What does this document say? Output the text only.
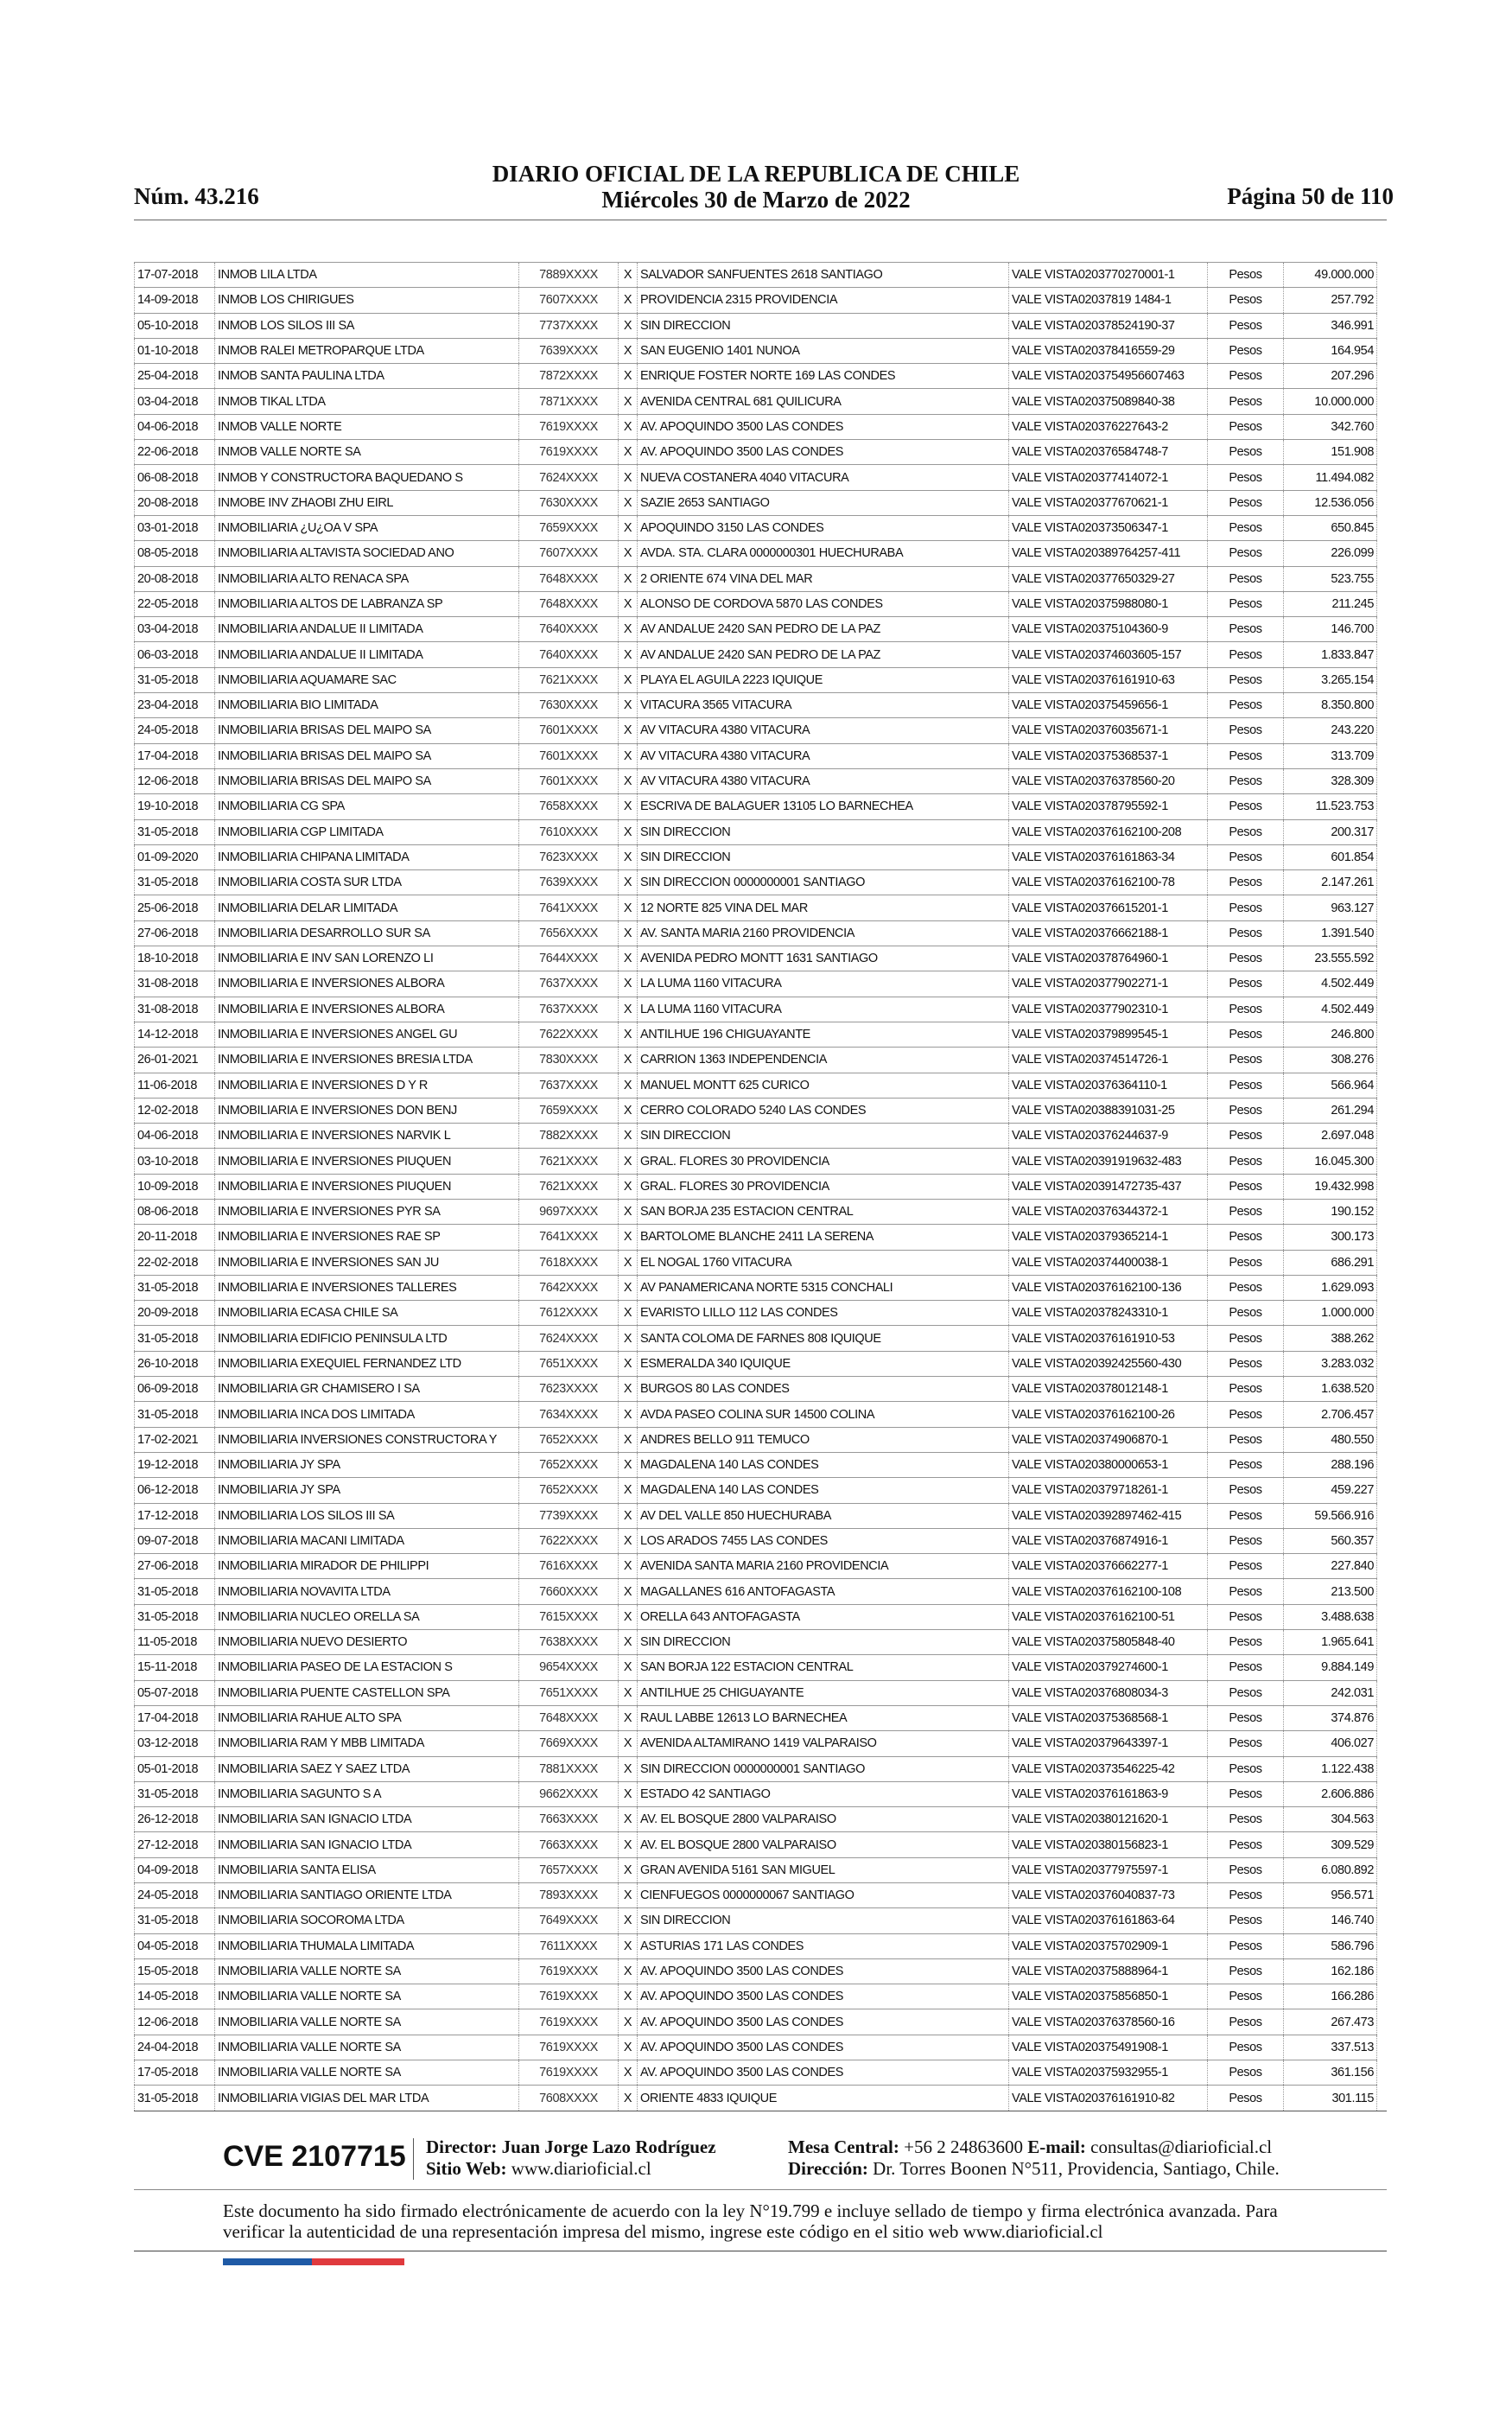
Núm. 43.216
DIARIO OFICIAL DE LA REPUBLICA DE CHILE
Miércoles 30 de Marzo de 2022	Página 50 de 110
17-07-2018	INMOB LILA LTDA	7889XXXX	X	SALVADOR SANFUENTES 2618 SANTIAGO	VALE VISTA0203770270001-1	Pesos	49.000.000
14-09-2018	INMOB LOS CHIRIGUES	7607XXXX	X	PROVIDENCIA 2315 PROVIDENCIA	VALE VISTA02037819 1484-1	Pesos	257.792
05-10-2018	INMOB LOS SILOS III SA	7737XXXX	X	SIN DIRECCION	VALE VISTA020378524190-37	Pesos	346.991
01-10-2018	INMOB RALEI METROPARQUE LTDA	7639XXXX	X	SAN EUGENIO 1401 NUNOA	VALE VISTA020378416559-29	Pesos	164.954
25-04-2018	INMOB SANTA PAULINA LTDA	7872XXXX	X	ENRIQUE FOSTER NORTE 169 LAS CONDES	VALE VISTA0203754956607463	Pesos	207.296
03-04-2018	INMOB TIKAL LTDA	7871XXXX	X	AVENIDA CENTRAL 681 QUILICURA	VALE VISTA020375089840-38	Pesos	10.000.000
04-06-2018	INMOB VALLE NORTE	7619XXXX	X	AV. APOQUINDO 3500 LAS CONDES	VALE VISTA020376227643-2	Pesos	342.760
22-06-2018	INMOB VALLE NORTE SA	7619XXXX	X	AV. APOQUINDO 3500 LAS CONDES	VALE VISTA020376584748-7	Pesos	151.908
06-08-2018	INMOB Y CONSTRUCTORA BAQUEDANO S	7624XXXX	X	NUEVA COSTANERA 4040 VITACURA	VALE VISTA020377414072-1	Pesos	11.494.082
20-08-2018	INMOBE INV ZHAOBI ZHU EIRL	7630XXXX	X	SAZIE 2653 SANTIAGO	VALE VISTA020377670621-1	Pesos	12.536.056
03-01-2018	INMOBILIARIA ¿U¿OA V SPA	7659XXXX	X	APOQUINDO 3150 LAS CONDES	VALE VISTA020373506347-1	Pesos	650.845
08-05-2018	INMOBILIARIA ALTAVISTA SOCIEDAD ANO	7607XXXX	X	AVDA. STA. CLARA 0000000301 HUECHURABA	VALE VISTA020389764257-411	Pesos	226.099
20-08-2018	INMOBILIARIA ALTO RENACA SPA	7648XXXX	X	2 ORIENTE 674 VINA DEL MAR	VALE VISTA020377650329-27	Pesos	523.755
22-05-2018	INMOBILIARIA ALTOS DE LABRANZA SP	7648XXXX	X	ALONSO DE CORDOVA 5870 LAS CONDES	VALE VISTA020375988080-1	Pesos	211.245
03-04-2018	INMOBILIARIA ANDALUE II LIMITADA	7640XXXX	X	AV ANDALUE 2420 SAN PEDRO DE LA PAZ	VALE VISTA020375104360-9	Pesos	146.700
06-03-2018	INMOBILIARIA ANDALUE II LIMITADA	7640XXXX	X	AV ANDALUE 2420 SAN PEDRO DE LA PAZ	VALE VISTA020374603605-157	Pesos	1.833.847
31-05-2018	INMOBILIARIA AQUAMARE SAC	7621XXXX	X	PLAYA EL AGUILA 2223 IQUIQUE	VALE VISTA020376161910-63	Pesos	3.265.154
23-04-2018	INMOBILIARIA BIO LIMITADA	7630XXXX	X	VITACURA 3565 VITACURA	VALE VISTA020375459656-1	Pesos	8.350.800
24-05-2018	INMOBILIARIA BRISAS DEL MAIPO SA	7601XXXX	X	AV VITACURA 4380 VITACURA	VALE VISTA020376035671-1	Pesos	243.220
17-04-2018	INMOBILIARIA BRISAS DEL MAIPO SA	7601XXXX	X	AV VITACURA 4380 VITACURA	VALE VISTA020375368537-1	Pesos	313.709
12-06-2018	INMOBILIARIA BRISAS DEL MAIPO SA	7601XXXX	X	AV VITACURA 4380 VITACURA	VALE VISTA020376378560-20	Pesos	328.309
19-10-2018	INMOBILIARIA CG SPA	7658XXXX	X	ESCRIVA DE BALAGUER 13105 LO BARNECHEA	VALE VISTA020378795592-1	Pesos	11.523.753
31-05-2018	INMOBILIARIA CGP LIMITADA	7610XXXX	X	SIN DIRECCION	VALE VISTA020376162100-208	Pesos	200.317
01-09-2020	INMOBILIARIA CHIPANA LIMITADA	7623XXXX	X	SIN DIRECCION	VALE VISTA020376161863-34	Pesos	601.854
31-05-2018	INMOBILIARIA COSTA SUR LTDA	7639XXXX	X	SIN DIRECCION 0000000001 SANTIAGO	VALE VISTA020376162100-78	Pesos	2.147.261
25-06-2018	INMOBILIARIA DELAR LIMITADA	7641XXXX	X	12 NORTE 825 VINA DEL MAR	VALE VISTA020376615201-1	Pesos	963.127
27-06-2018	INMOBILIARIA DESARROLLO SUR SA	7656XXXX	X	AV. SANTA MARIA 2160 PROVIDENCIA	VALE VISTA020376662188-1	Pesos	1.391.540
18-10-2018	INMOBILIARIA E INV SAN LORENZO LI	7644XXXX	X	AVENIDA PEDRO MONTT 1631 SANTIAGO	VALE VISTA020378764960-1	Pesos	23.555.592
31-08-2018	INMOBILIARIA E INVERSIONES ALBORA	7637XXXX	X	LA LUMA 1160 VITACURA	VALE VISTA020377902271-1	Pesos	4.502.449
31-08-2018	INMOBILIARIA E INVERSIONES ALBORA	7637XXXX	X	LA LUMA 1160 VITACURA	VALE VISTA020377902310-1	Pesos	4.502.449
14-12-2018	INMOBILIARIA E INVERSIONES ANGEL GU	7622XXXX	X	ANTILHUE 196 CHIGUAYANTE	VALE VISTA020379899545-1	Pesos	246.800
26-01-2021	INMOBILIARIA E INVERSIONES BRESIA LTDA	7830XXXX	X	CARRION 1363 INDEPENDENCIA	VALE VISTA020374514726-1	Pesos	308.276
11-06-2018	INMOBILIARIA E INVERSIONES D Y R	7637XXXX	X	MANUEL MONTT 625 CURICO	VALE VISTA020376364110-1	Pesos	566.964
12-02-2018	INMOBILIARIA E INVERSIONES DON BENJ	7659XXXX	X	CERRO COLORADO 5240 LAS CONDES	VALE VISTA020388391031-25	Pesos	261.294
04-06-2018	INMOBILIARIA E INVERSIONES NARVIK L	7882XXXX	X	SIN DIRECCION	VALE VISTA020376244637-9	Pesos	2.697.048
03-10-2018	INMOBILIARIA E INVERSIONES PIUQUEN	7621XXXX	X	GRAL. FLORES 30 PROVIDENCIA	VALE VISTA020391919632-483	Pesos	16.045.300
10-09-2018	INMOBILIARIA E INVERSIONES PIUQUEN	7621XXXX	X	GRAL. FLORES 30 PROVIDENCIA	VALE VISTA020391472735-437	Pesos	19.432.998
08-06-2018	INMOBILIARIA E INVERSIONES PYR SA	9697XXXX	X	SAN BORJA 235 ESTACION CENTRAL	VALE VISTA020376344372-1	Pesos	190.152
20-11-2018	INMOBILIARIA E INVERSIONES RAE SP	7641XXXX	X	BARTOLOME BLANCHE 2411 LA SERENA	VALE VISTA020379365214-1	Pesos	300.173
22-02-2018	INMOBILIARIA E INVERSIONES SAN JU	7618XXXX	X	EL NOGAL 1760 VITACURA	VALE VISTA020374400038-1	Pesos	686.291
31-05-2018	INMOBILIARIA E INVERSIONES TALLERES	7642XXXX	X	AV PANAMERICANA NORTE 5315 CONCHALI	VALE VISTA020376162100-136	Pesos	1.629.093
20-09-2018	INMOBILIARIA ECASA CHILE SA	7612XXXX	X	EVARISTO LILLO 112 LAS CONDES	VALE VISTA020378243310-1	Pesos	1.000.000
31-05-2018	INMOBILIARIA EDIFICIO PENINSULA LTD	7624XXXX	X	SANTA COLOMA DE FARNES 808 IQUIQUE	VALE VISTA020376161910-53	Pesos	388.262
26-10-2018	INMOBILIARIA EXEQUIEL FERNANDEZ LTD	7651XXXX	X	ESMERALDA 340 IQUIQUE	VALE VISTA020392425560-430	Pesos	3.283.032
06-09-2018	INMOBILIARIA GR CHAMISERO I SA	7623XXXX	X	BURGOS 80 LAS CONDES	VALE VISTA020378012148-1	Pesos	1.638.520
31-05-2018	INMOBILIARIA INCA DOS LIMITADA	7634XXXX	X	AVDA PASEO COLINA SUR 14500 COLINA	VALE VISTA020376162100-26	Pesos	2.706.457
17-02-2021	INMOBILIARIA INVERSIONES CONSTRUCTORA Y	7652XXXX	X	ANDRES BELLO 911 TEMUCO	VALE VISTA020374906870-1	Pesos	480.550
19-12-2018	INMOBILIARIA JY SPA	7652XXXX	X	MAGDALENA 140 LAS CONDES	VALE VISTA020380000653-1	Pesos	288.196
06-12-2018	INMOBILIARIA JY SPA	7652XXXX	X	MAGDALENA 140 LAS CONDES	VALE VISTA020379718261-1	Pesos	459.227
17-12-2018	INMOBILIARIA LOS SILOS III SA	7739XXXX	X	AV DEL VALLE 850 HUECHURABA	VALE VISTA020392897462-415	Pesos	59.566.916
09-07-2018	INMOBILIARIA MACANI LIMITADA	7622XXXX	X	LOS ARADOS 7455 LAS CONDES	VALE VISTA020376874916-1	Pesos	560.357
27-06-2018	INMOBILIARIA MIRADOR DE PHILIPPI	7616XXXX	X	AVENIDA SANTA MARIA 2160 PROVIDENCIA	VALE VISTA020376662277-1	Pesos	227.840
31-05-2018	INMOBILIARIA NOVAVITA LTDA	7660XXXX	X	MAGALLANES 616 ANTOFAGASTA	VALE VISTA020376162100-108	Pesos	213.500
31-05-2018	INMOBILIARIA NUCLEO ORELLA SA	7615XXXX	X	ORELLA 643 ANTOFAGASTA	VALE VISTA020376162100-51	Pesos	3.488.638
11-05-2018	INMOBILIARIA NUEVO DESIERTO	7638XXXX	X	SIN DIRECCION	VALE VISTA020375805848-40	Pesos	1.965.641
15-11-2018	INMOBILIARIA PASEO DE LA ESTACION S	9654XXXX	X	SAN BORJA 122 ESTACION CENTRAL	VALE VISTA020379274600-1	Pesos	9.884.149
05-07-2018	INMOBILIARIA PUENTE CASTELLON SPA	7651XXXX	X	ANTILHUE 25 CHIGUAYANTE	VALE VISTA020376808034-3	Pesos	242.031
17-04-2018	INMOBILIARIA RAHUE ALTO SPA	7648XXXX	X	RAUL LABBE 12613 LO BARNECHEA	VALE VISTA020375368568-1	Pesos	374.876
03-12-2018	INMOBILIARIA RAM Y MBB LIMITADA	7669XXXX	X	AVENIDA ALTAMIRANO 1419 VALPARAISO	VALE VISTA020379643397-1	Pesos	406.027
05-01-2018	INMOBILIARIA SAEZ Y SAEZ LTDA	7881XXXX	X	SIN DIRECCION 0000000001 SANTIAGO	VALE VISTA020373546225-42	Pesos	1.122.438
31-05-2018	INMOBILIARIA SAGUNTO S A	9662XXXX	X	ESTADO 42 SANTIAGO	VALE VISTA020376161863-9	Pesos	2.606.886
26-12-2018	INMOBILIARIA SAN IGNACIO LTDA	7663XXXX	X	AV. EL BOSQUE 2800 VALPARAISO	VALE VISTA020380121620-1	Pesos	304.563
27-12-2018	INMOBILIARIA SAN IGNACIO LTDA	7663XXXX	X	AV. EL BOSQUE 2800 VALPARAISO	VALE VISTA020380156823-1	Pesos	309.529
04-09-2018	INMOBILIARIA SANTA ELISA	7657XXXX	X	GRAN AVENIDA 5161 SAN MIGUEL	VALE VISTA020377975597-1	Pesos	6.080.892
24-05-2018	INMOBILIARIA SANTIAGO ORIENTE LTDA	7893XXXX	X	CIENFUEGOS 0000000067 SANTIAGO	VALE VISTA020376040837-73	Pesos	956.571
31-05-2018	INMOBILIARIA SOCOROMA LTDA	7649XXXX	X	SIN DIRECCION	VALE VISTA020376161863-64	Pesos	146.740
04-05-2018	INMOBILIARIA THUMALA LIMITADA	7611XXXX	X	ASTURIAS 171 LAS CONDES	VALE VISTA020375702909-1	Pesos	586.796
15-05-2018	INMOBILIARIA VALLE NORTE SA	7619XXXX	X	AV. APOQUINDO 3500 LAS CONDES	VALE VISTA020375888964-1	Pesos	162.186
14-05-2018	INMOBILIARIA VALLE NORTE SA	7619XXXX	X	AV. APOQUINDO 3500 LAS CONDES	VALE VISTA020375856850-1	Pesos	166.286
12-06-2018	INMOBILIARIA VALLE NORTE SA	7619XXXX	X	AV. APOQUINDO 3500 LAS CONDES	VALE VISTA020376378560-16	Pesos	267.473
24-04-2018	INMOBILIARIA VALLE NORTE SA	7619XXXX	X	AV. APOQUINDO 3500 LAS CONDES	VALE VISTA020375491908-1	Pesos	337.513
17-05-2018	INMOBILIARIA VALLE NORTE SA	7619XXXX	X	AV. APOQUINDO 3500 LAS CONDES	VALE VISTA020375932955-1	Pesos	361.156
31-05-2018	INMOBILIARIA VIGIAS DEL MAR LTDA	7608XXXX	X	ORIENTE 4833 IQUIQUE	VALE VISTA020376161910-82	Pesos	301.115
CVE 2107715 Director: Juan Jorge Lazo Rodríguez
Sitio Web: www.diarioficial.cl
Mesa Central: +56 2 24863600 E-mail: consultas@diarioficial.cl
Dirección: Dr. Torres Boonen N°511, Providencia, Santiago, Chile.
Este documento ha sido firmado electrónicamente de acuerdo con la ley N°19.799 e incluye sellado de tiempo y firma electrónica avanzada. Para verificar la autenticidad de una representación impresa del mismo, ingrese este código en el sitio web www.diarioficial.cl
